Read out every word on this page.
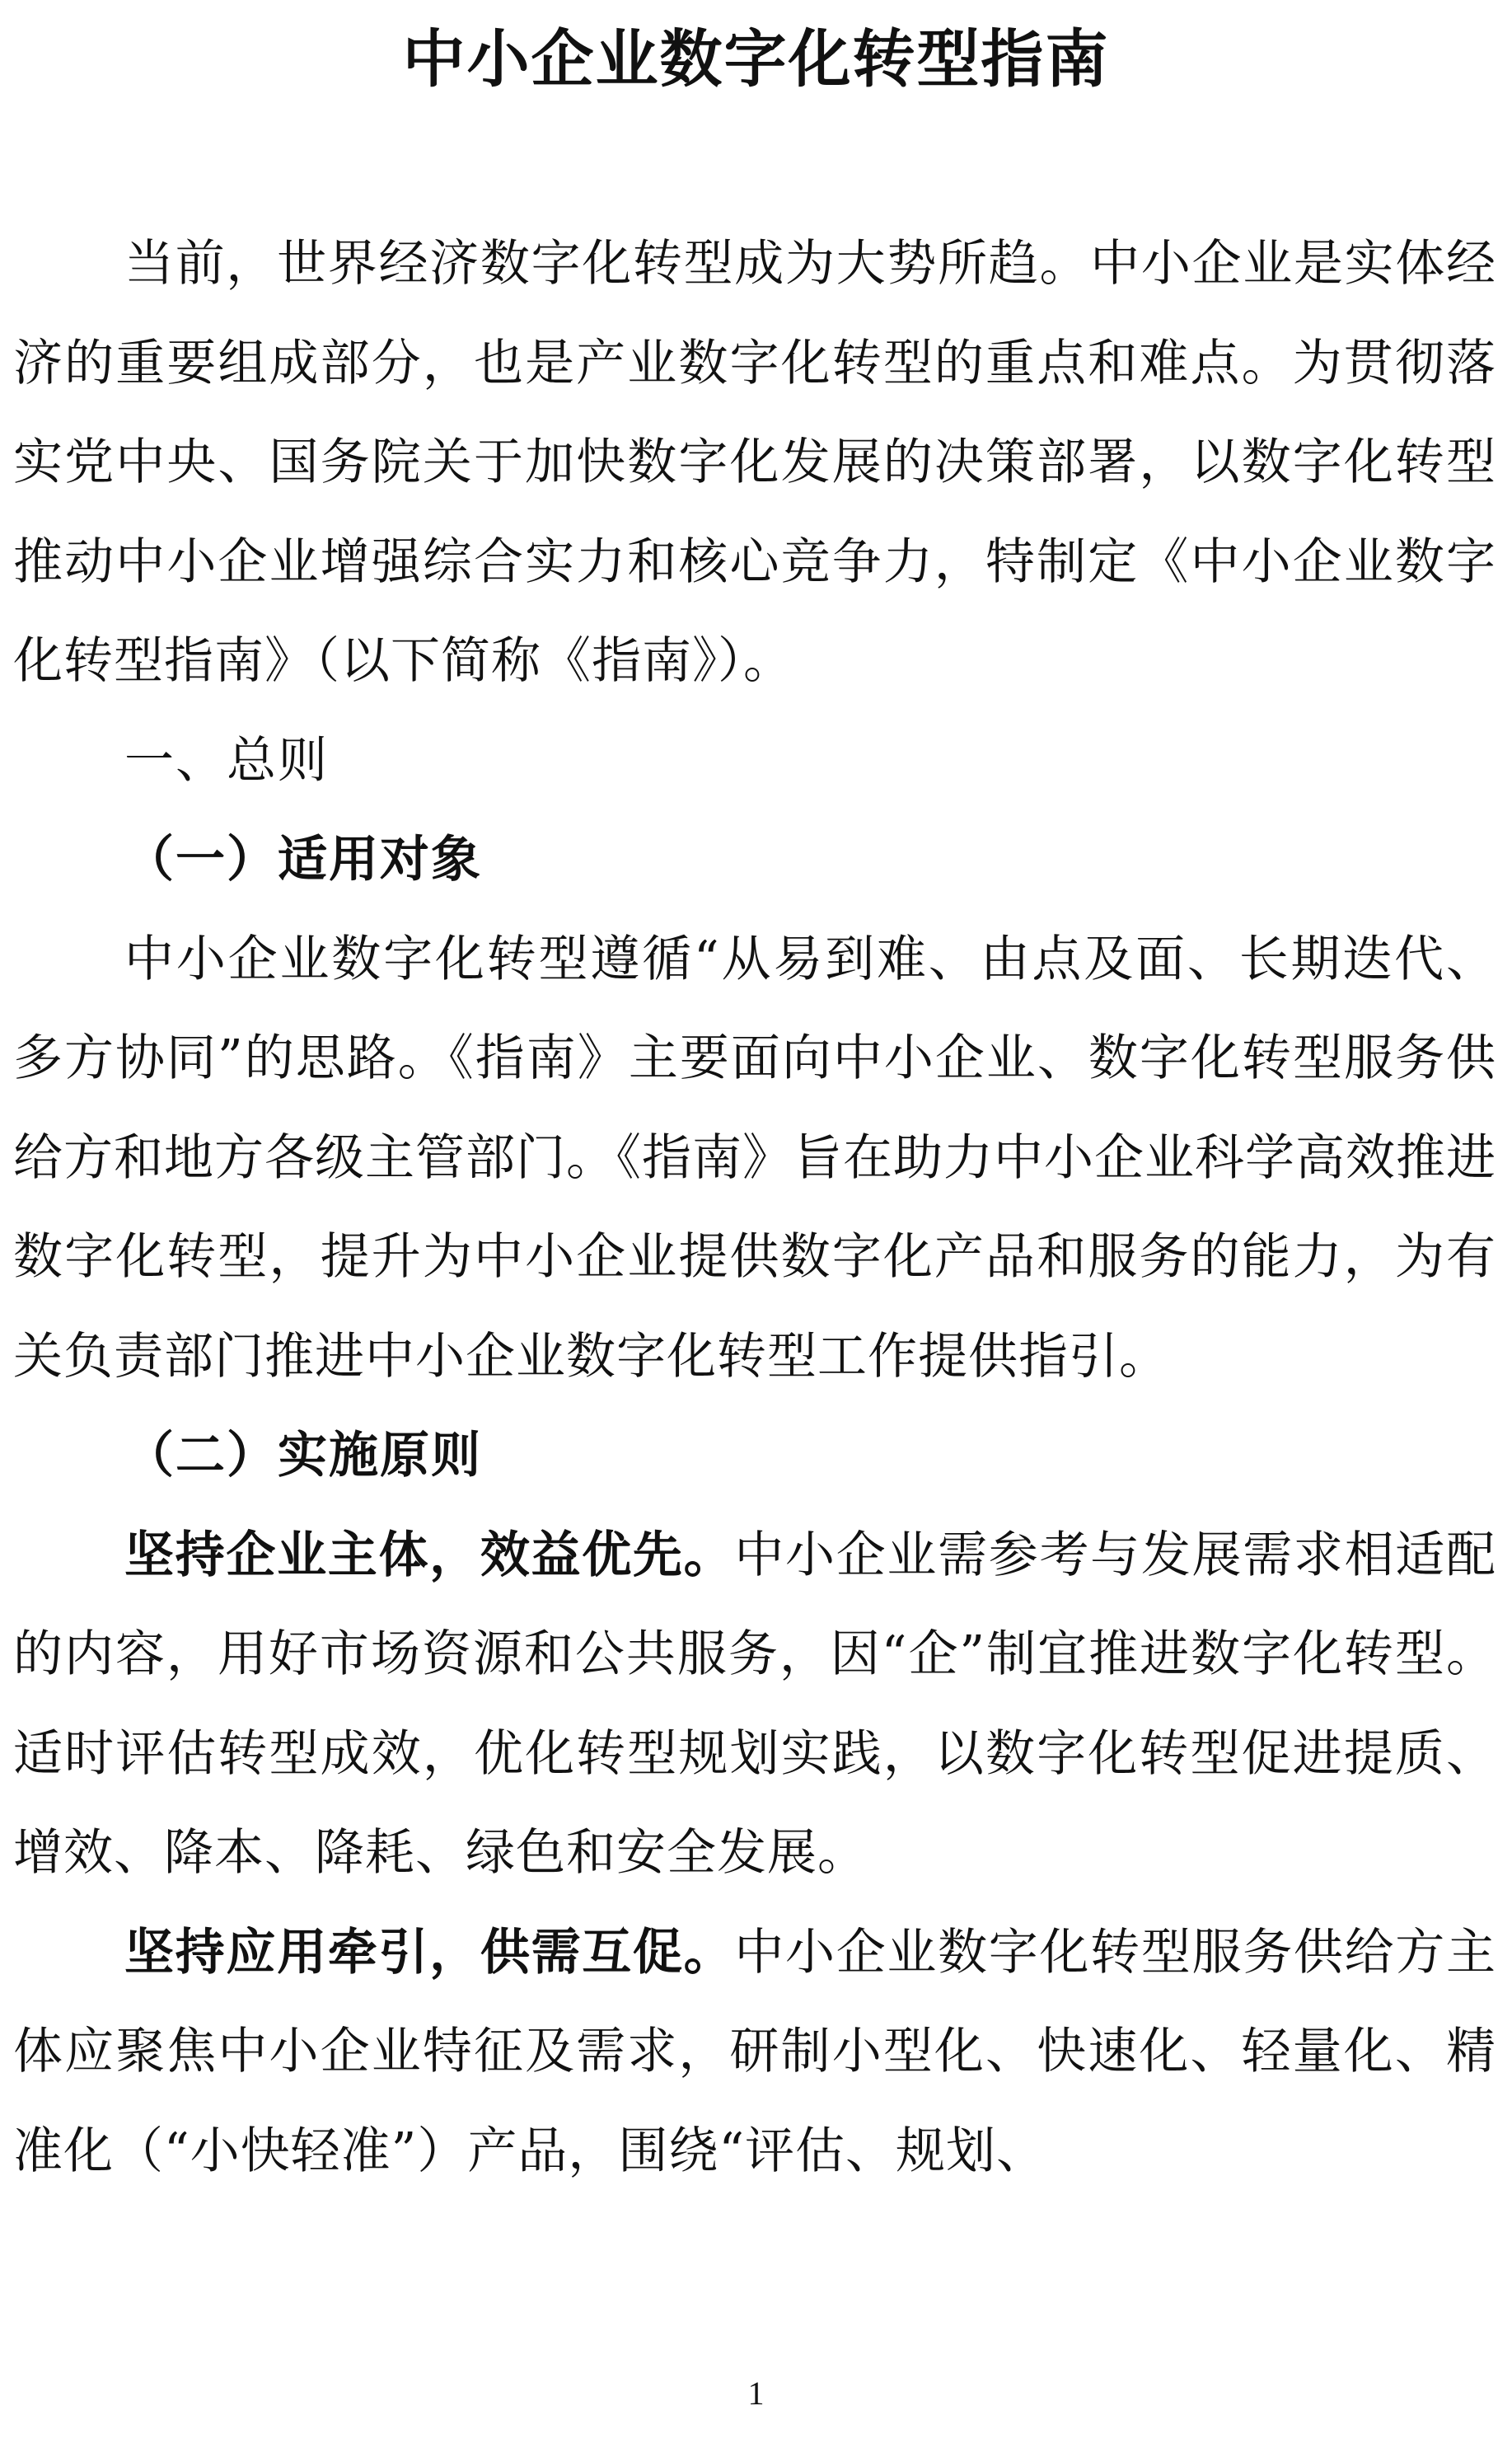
中小企业数字化转型指南

当前，世界经济数字化转型成为大势所趋。中小企业是实体经济的重要组成部分，也是产业数字化转型的重点和难点。为贯彻落实党中央、国务院关于加快数字化发展的决策部署，以数字化转型推动中小企业增强综合实力和核心竞争力，特制定《中小企业数字化转型指南》（以下简称《指南》）。

一、总则

（一）适用对象

中小企业数字化转型遵循“从易到难、由点及面、长期迭代、多方协同”的思路。《指南》主要面向中小企业、数字化转型服务供给方和地方各级主管部门。《指南》旨在助力中小企业科学高效推进数字化转型，提升为中小企业提供数字化产品和服务的能力，为有关负责部门推进中小企业数字化转型工作提供指引。

（二）实施原则

坚持企业主体，效益优先。中小企业需参考与发展需求相适配的内容，用好市场资源和公共服务，因“企”制宜推进数字化转型。适时评估转型成效，优化转型规划实践，以数字化转型促进提质、增效、降本、降耗、绿色和安全发展。

坚持应用牵引，供需互促。中小企业数字化转型服务供给方主体应聚焦中小企业特征及需求，研制小型化、快速化、轻量化、精准化（“小快轻准”）产品，围绕“评估、规划、

1
